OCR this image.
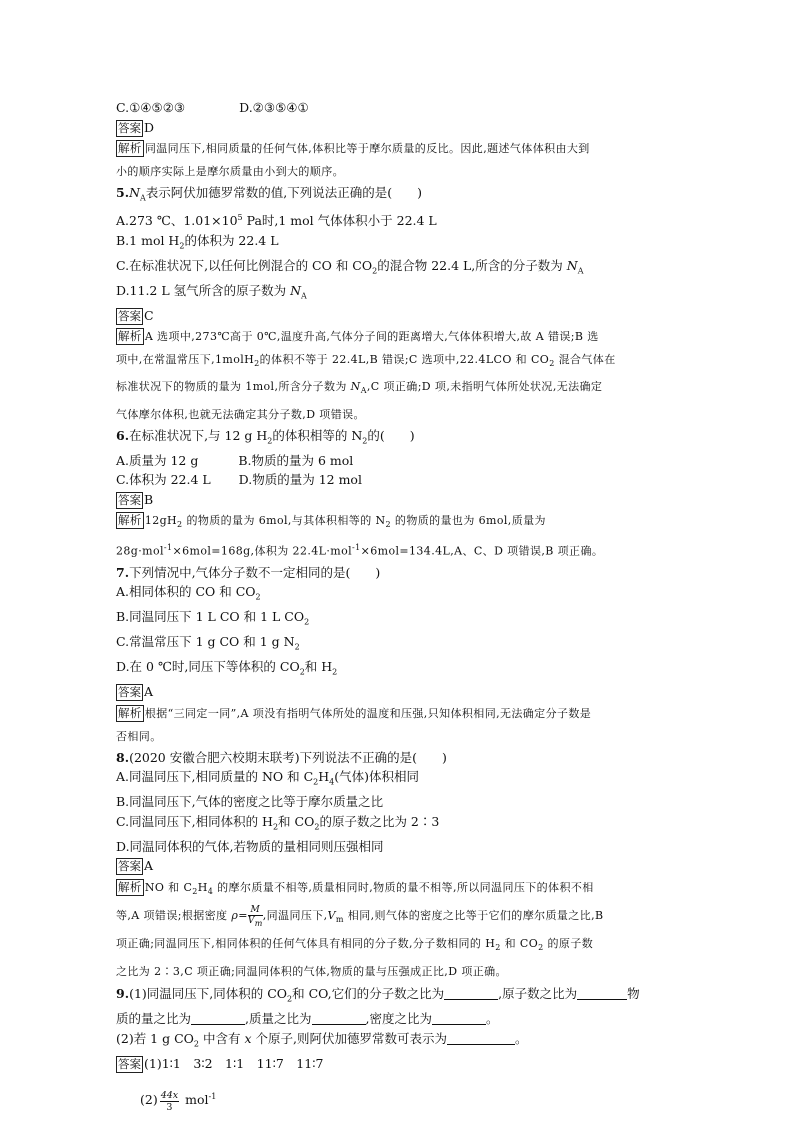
C.①④⑤②③	D.②③⑤④①
答案 D
解析 同温同压下,相同质量的任何气体,体积比等于摩尔质量的反比。因此,题述气体体积由大到
小的顺序实际上是摩尔质量由小到大的顺序。
$5.N_A$表示阿伏加德罗常数的值,下列说法正确的是(　　)
A.273 ℃、$1.01\times 10^5$ Pa时,1 mol 气体体积小于 22.4 L
B.1 mol $H_2$的体积为 22.4 L
C.在标准状况下,以任何比例混合的 CO 和 $CO_2$的混合物 22.4 L,所含的分子数为 $N_A$
D.11.2 L 氢气所含的原子数为 $N_A$
答案 C
解析 A 选项中,273℃高于 0℃,温度升高,气体分子间的距离增大,气体体积增大,故 A 错误;B 选
项中,在常温常压下,1molH$_2$的体积不等于 22.4L,B 错误;C 选项中,22.4LCO 和 $CO_2$ 混合气体在
标准状况下的物质的量为 1mol,所含分子数为 $N_A,C$ 项正确;D 项,未指明气体所处状况,无法确定
气体摩尔体积,也就无法确定其分子数,D 项错误。
6.在标准状况下,与 12 g $H_2$的体积相等的 $N_2$的(　　)
A.质量为 12 g	B.物质的量为 6 mol
C.体积为 22.4 L D.物质的量为 12 mol
答案 B
解析 $12gH_2$ 的物质的量为 6mol,与其体积相等的 $N_2$ 的物质的量也为 6mol,质量为
28g·mol$^{-1}$×6mol=168g,体积为 22.4L·mol$^{-1}$×6mol=134.4L,A、C、D 项错误,B 项正确。
7.下列情况中,气体分子数不一定相同的是(　　)
A.相同体积的 CO 和 $CO_2$
B.同温同压下 1 L CO 和 1 L $CO_2$
C.常温常压下 1 g CO 和 1 g $N_2$
D.在 0 ℃时,同压下等体积的 $CO_2$和 $H_2$
答案 A
解析 根据“三同定一同”,A 项没有指明气体所处的温度和压强,只知体积相同,无法确定分子数是
否相同。
8.(2020 安徽合肥六校期末联考)下列说法不正确的是(　　)
A.同温同压下,相同质量的 NO 和 $C_2H_4$(气体)体积相同
B.同温同压下,气体的密度之比等于摩尔质量之比
C.同温同压下,相同体积的 $H_2$和 $CO_2$的原子数之比为 2∶3
D.同温同体积的气体,若物质的量相同则压强相同
答案 A
解析 NO 和 $C_2H_4$ 的摩尔质量不相等,质量相同时,物质的量不相等,所以同温同压下的体积不相
等,A 项错误;根据密度 ρ=
$\frac{M}{V_m}$
,同温同压下$,V_m$ 相同,则气体的密度之比等于它们的摩尔质量之比,B
项正确;同温同压下,相同体积的任何气体具有相同的分子数,分子数相同的 $H_2$ 和 $CO_2$ 的原子数
之比为 2∶3,C 项正确;同温同体积的气体,物质的量与压强成正比,D 项正确。
9.(1)同温同压下,同体积的 $CO_2$和 CO,它们的分子数之比为	,原子数之比为	物
质的量之比为	,质量之比为	,密度之比为	。
(2)若 1 g $CO_2$ 中含有 x 个原子,则阿伏加德罗常数可表示为	。
答案 (1)1∶1　3∶2　1∶1　11∶7　11∶7
$(2) \frac{44x}{3} mol^{-1}$
